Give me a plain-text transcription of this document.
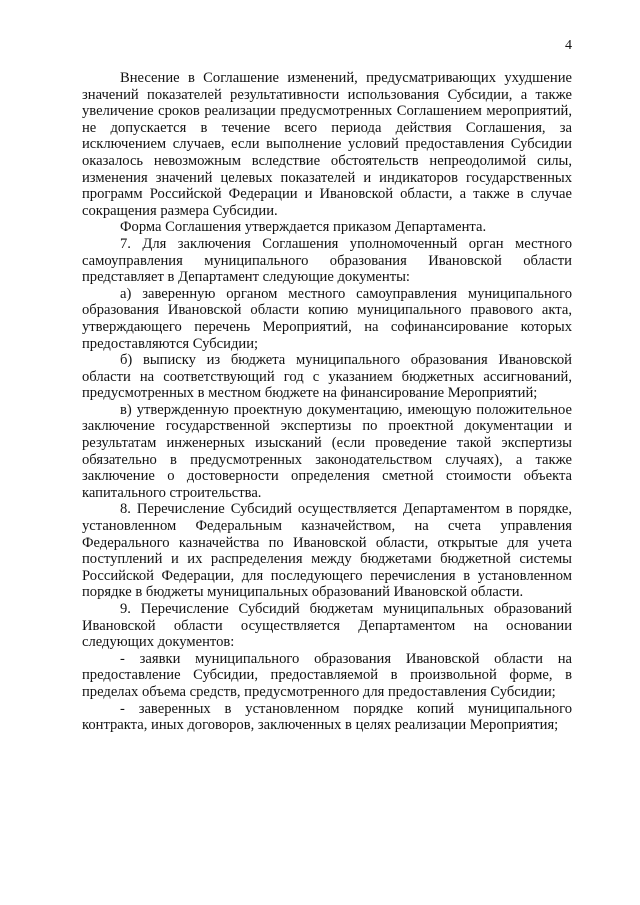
4

Внесение в Соглашение изменений, предусматривающих ухудшение значений показателей результативности использования Субсидии, а также увеличение сроков реализации предусмотренных Соглашением мероприятий, не допускается в течение всего периода действия Соглашения, за исключением случаев, если выполнение условий предоставления Субсидии оказалось невозможным вследствие обстоятельств непреодолимой силы, изменения значений целевых показателей и индикаторов государственных программ Российской Федерации и Ивановской области, а также в случае сокращения размера Субсидии.

Форма Соглашения утверждается приказом Департамента.

7. Для заключения Соглашения уполномоченный орган местного самоуправления муниципального образования Ивановской области представляет в Департамент следующие документы:

а) заверенную органом местного самоуправления муниципального образования Ивановской области копию муниципального правового акта, утверждающего перечень Мероприятий, на софинансирование которых предоставляются Субсидии;

б) выписку из бюджета муниципального образования Ивановской области на соответствующий год с указанием бюджетных ассигнований, предусмотренных в местном бюджете на финансирование Мероприятий;

в) утвержденную проектную документацию, имеющую положительное заключение государственной экспертизы по проектной документации и результатам инженерных изысканий (если проведение такой экспертизы обязательно в предусмотренных законодательством случаях), а также заключение о достоверности определения сметной стоимости объекта капитального строительства.

8. Перечисление Субсидий осуществляется Департаментом в порядке, установленном Федеральным казначейством, на счета управления Федерального казначейства по Ивановской области, открытые для учета поступлений и их распределения между бюджетами бюджетной системы Российской Федерации, для последующего перечисления в установленном порядке в бюджеты муниципальных образований Ивановской области.

9. Перечисление Субсидий бюджетам муниципальных образований Ивановской области осуществляется Департаментом на основании следующих документов:

- заявки муниципального образования Ивановской области на предоставление Субсидии, предоставляемой в произвольной форме, в пределах объема средств, предусмотренного для предоставления Субсидии;

- заверенных в установленном порядке копий муниципального контракта, иных договоров, заключенных в целях реализации Мероприятия;
